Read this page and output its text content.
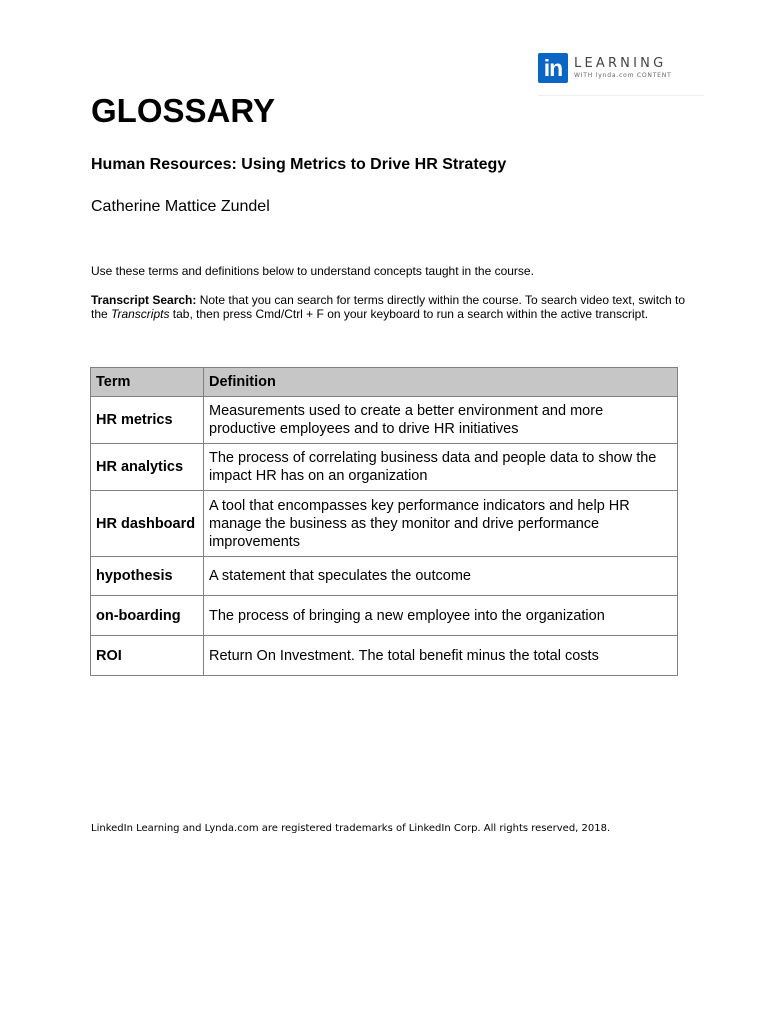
in LEARNING
WITH lynda.com CONTENT
GLOSSARY
Human Resources: Using Metrics to Drive HR Strategy
Catherine Mattice Zundel
Use these terms and definitions below to understand concepts taught in the course.
Transcript Search: Note that you can search for terms directly within the course. To search video text, switch to the Transcripts tab, then press Cmd/Ctrl + F on your keyboard to run a search within the active transcript.
Term	Definition
HR metrics	Measurements used to create a better environment and more productive employees and to drive HR initiatives
HR analytics	The process of correlating business data and people data to show the impact HR has on an organization
HR dashboard	A tool that encompasses key performance indicators and help HR manage the business as they monitor and drive performance improvements
hypothesis	A statement that speculates the outcome
on-boarding	The process of bringing a new employee into the organization
ROI	Return On Investment. The total benefit minus the total costs
LinkedIn Learning and Lynda.com are registered trademarks of LinkedIn Corp. All rights reserved, 2018.
